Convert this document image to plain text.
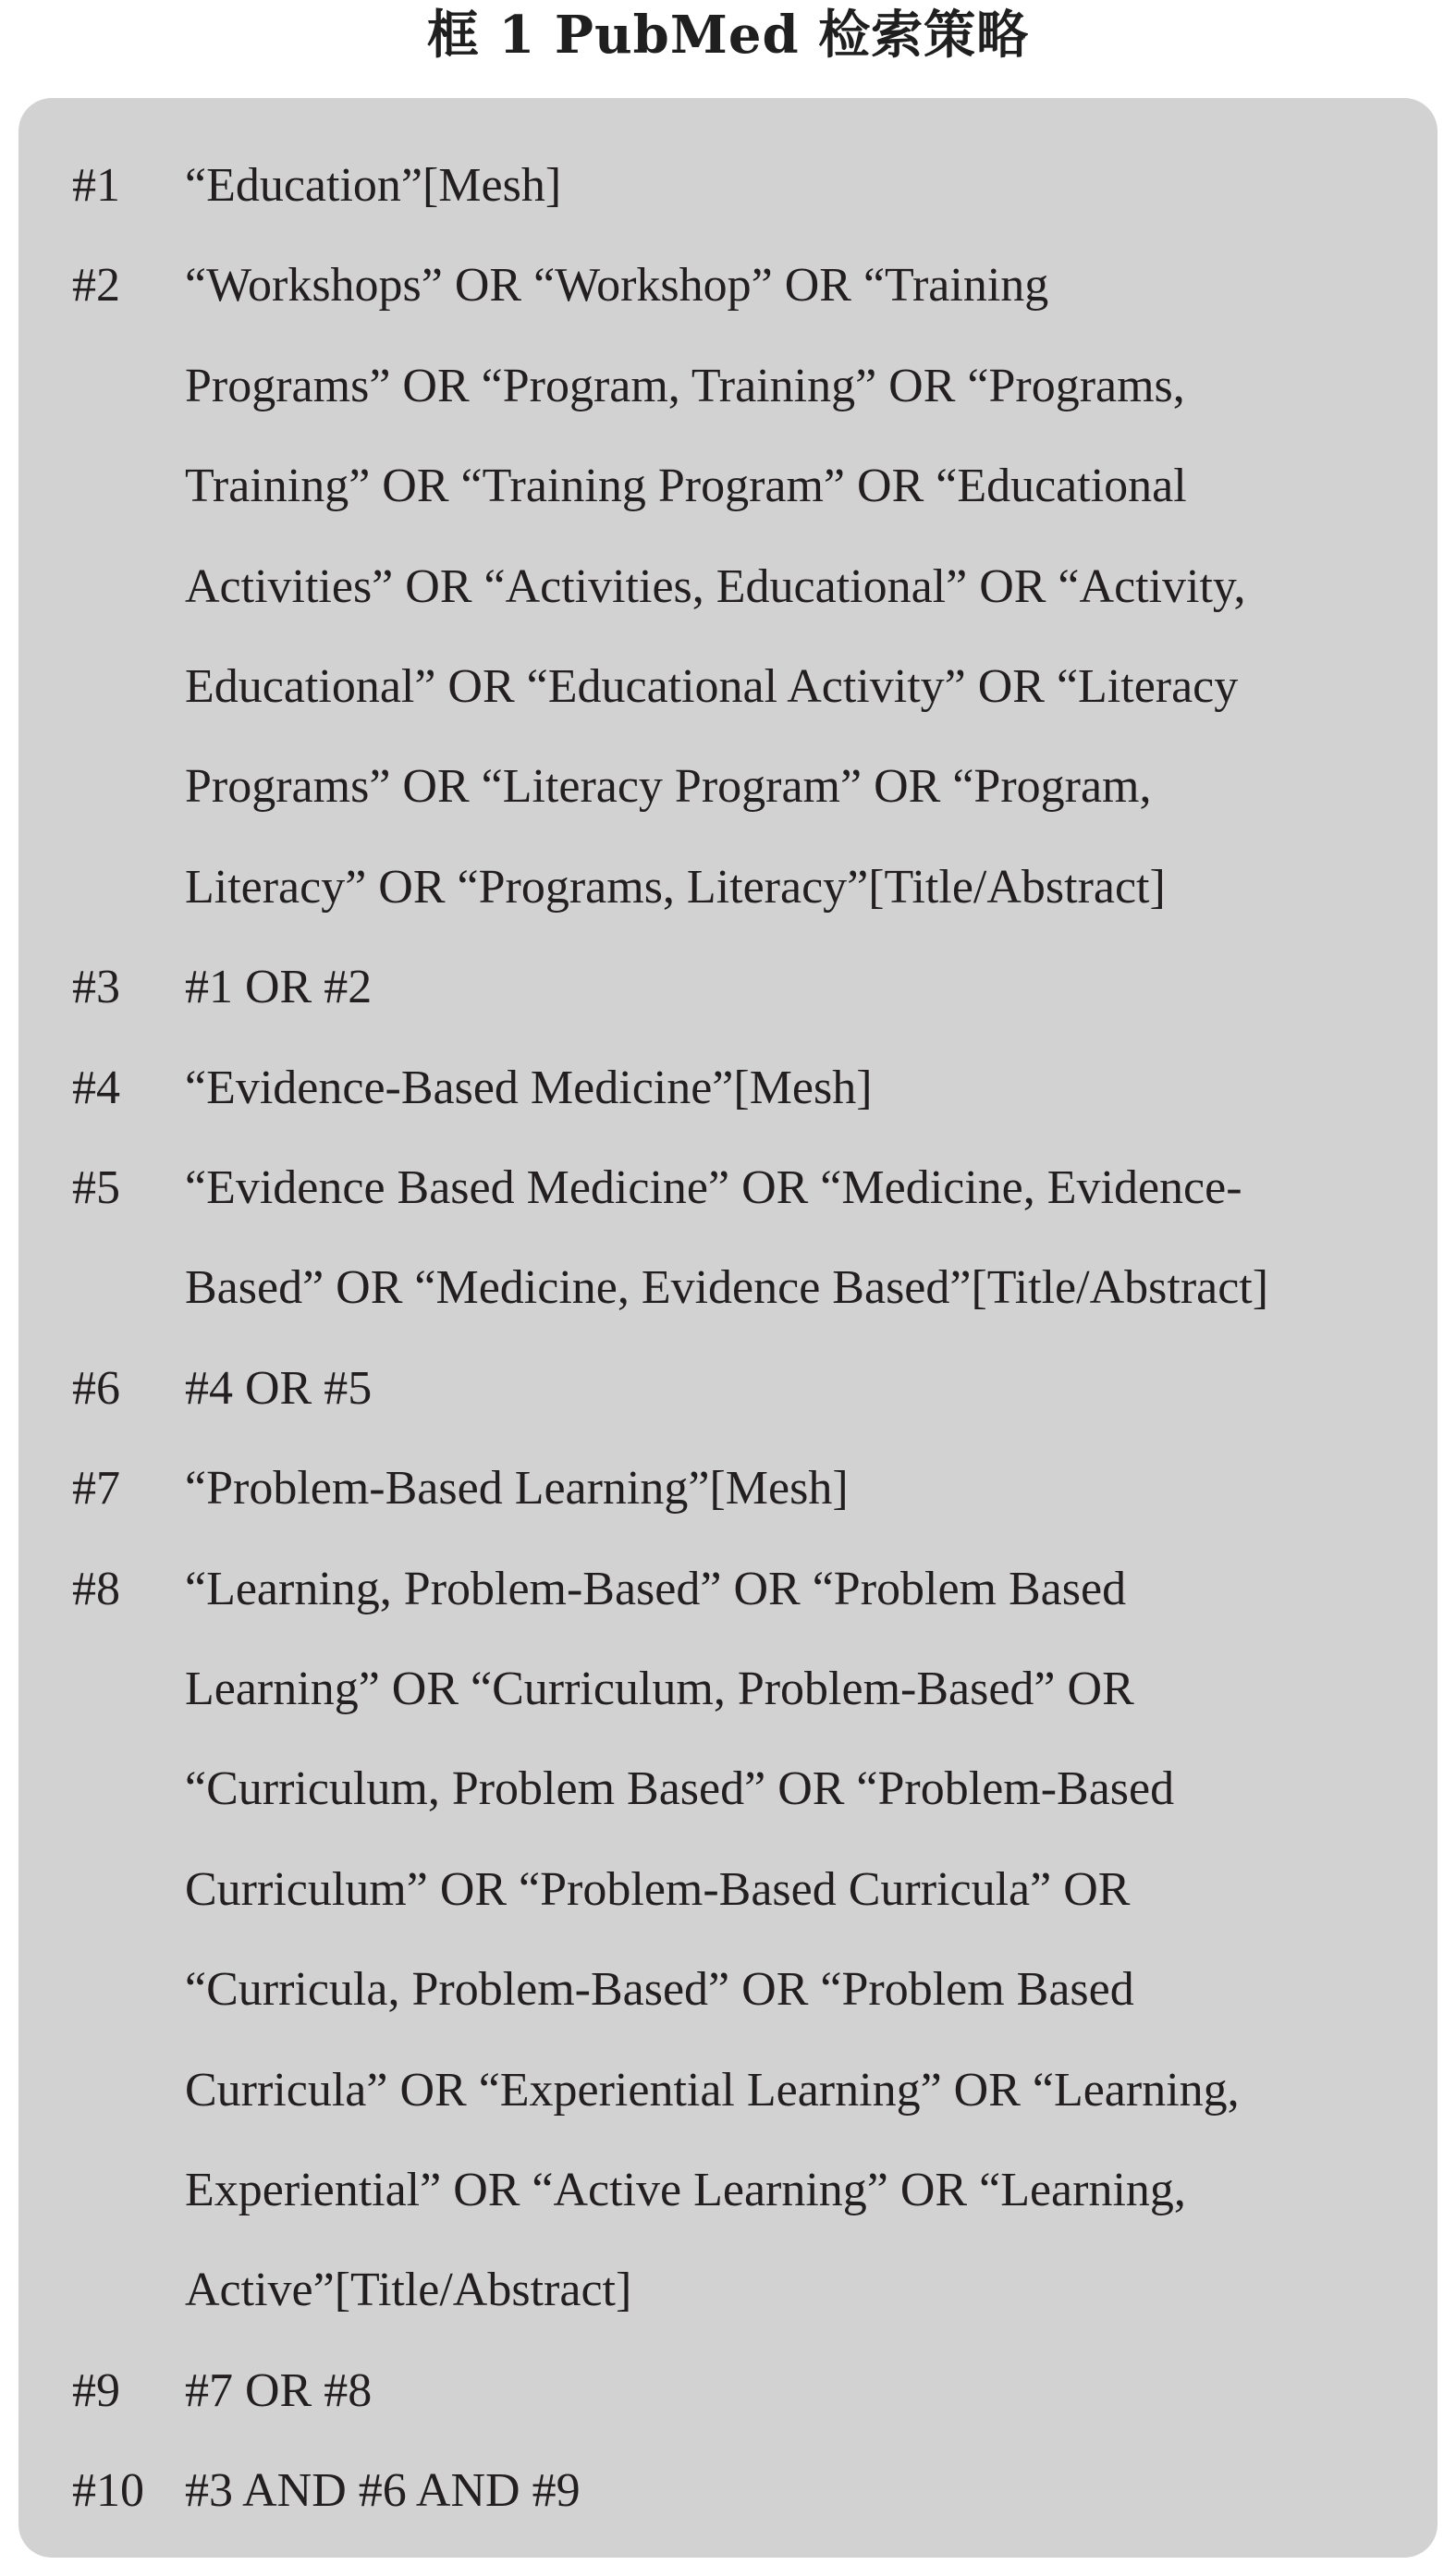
框 1 PubMed 检索策略
#1	“Education”[Mesh]
#2	“Workshops” OR “Workshop” OR “Training
Programs” OR “Program, Training” OR “Programs,
Training” OR “Training Program” OR “Educational
Activities” OR “Activities, Educational” OR “Activity,
Educational” OR “Educational Activity” OR “Literacy
Programs” OR “Literacy Program” OR “Program,
Literacy” OR “Programs, Literacy”[Title/Abstract]
#3	#1 OR #2
#4	“Evidence-Based Medicine”[Mesh]
#5	“Evidence Based Medicine” OR “Medicine, Evidence-
Based” OR “Medicine, Evidence Based”[Title/Abstract]
#6	#4 OR #5
#7	“Problem-Based Learning”[Mesh]
#8	“Learning, Problem-Based” OR “Problem Based
Learning” OR “Curriculum, Problem-Based” OR
“Curriculum, Problem Based” OR “Problem-Based
Curriculum” OR “Problem-Based Curricula” OR
“Curricula, Problem-Based” OR “Problem Based
Curricula” OR “Experiential Learning” OR “Learning,
Experiential” OR “Active Learning” OR “Learning,
Active”[Title/Abstract]
#9	#7 OR #8
#10 #3 AND #6 AND #9
